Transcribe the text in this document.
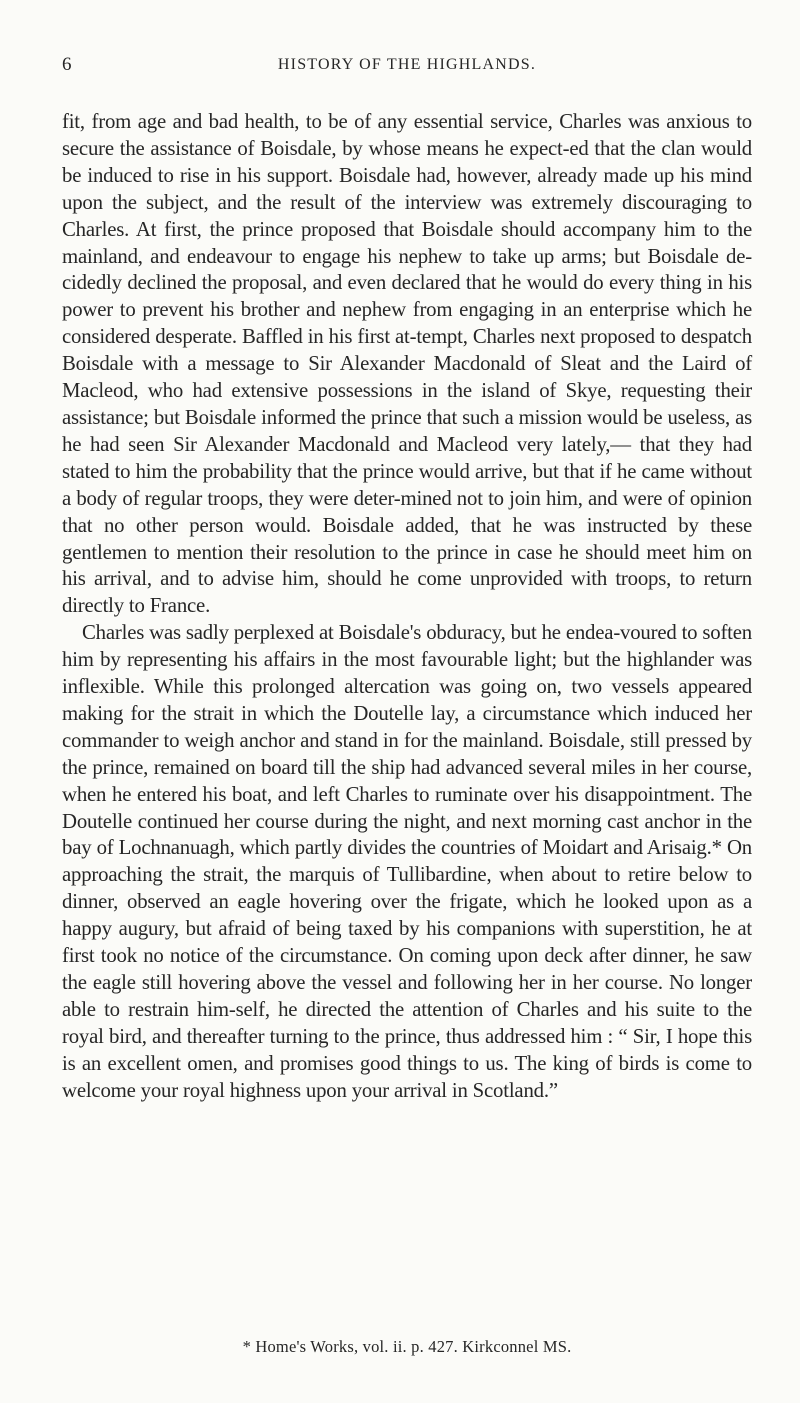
6	HISTORY OF THE HIGHLANDS.

fit, from age and bad health, to be of any essential service, Charles was anxious to secure the assistance of Boisdale, by whose means he expect-ed that the clan would be induced to rise in his support. Boisdale had, however, already made up his mind upon the subject, and the result of the interview was extremely discouraging to Charles. At first, the prince proposed that Boisdale should accompany him to the mainland, and endeavour to engage his nephew to take up arms; but Boisdale de-cidedly declined the proposal, and even declared that he would do every thing in his power to prevent his brother and nephew from engaging in an enterprise which he considered desperate. Baffled in his first at-tempt, Charles next proposed to despatch Boisdale with a message to Sir Alexander Macdonald of Sleat and the Laird of Macleod, who had extensive possessions in the island of Skye, requesting their assistance; but Boisdale informed the prince that such a mission would be useless, as he had seen Sir Alexander Macdonald and Macleod very lately,— that they had stated to him the probability that the prince would arrive, but that if he came without a body of regular troops, they were deter-mined not to join him, and were of opinion that no other person would. Boisdale added, that he was instructed by these gentlemen to mention their resolution to the prince in case he should meet him on his arrival, and to advise him, should he come unprovided with troops, to return directly to France.

Charles was sadly perplexed at Boisdale's obduracy, but he endea-voured to soften him by representing his affairs in the most favourable light; but the highlander was inflexible. While this prolonged altercation was going on, two vessels appeared making for the strait in which the Doutelle lay, a circumstance which induced her commander to weigh anchor and stand in for the mainland. Boisdale, still pressed by the prince, remained on board till the ship had advanced several miles in her course, when he entered his boat, and left Charles to ruminate over his disappointment. The Doutelle continued her course during the night, and next morning cast anchor in the bay of Lochnanuagh, which partly divides the countries of Moidart and Arisaig.* On approaching the strait, the marquis of Tullibardine, when about to retire below to dinner, observed an eagle hovering over the frigate, which he looked upon as a happy augury, but afraid of being taxed by his companions with superstition, he at first took no notice of the circumstance. On coming upon deck after dinner, he saw the eagle still hovering above the vessel and following her in her course. No longer able to restrain him-self, he directed the attention of Charles and his suite to the royal bird, and thereafter turning to the prince, thus addressed him : “ Sir, I hope this is an excellent omen, and promises good things to us. The king of birds is come to welcome your royal highness upon your arrival in Scotland.”

* Home's Works, vol. ii. p. 427. Kirkconnel MS.
